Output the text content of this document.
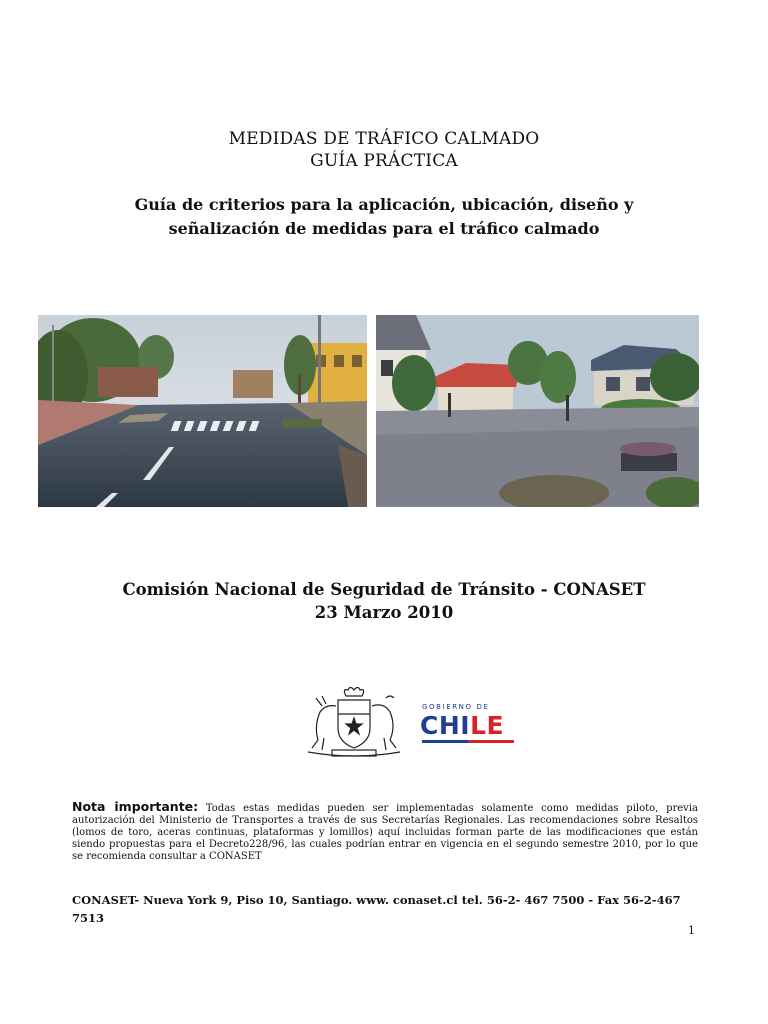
MEDIDAS DE TRÁFICO CALMADO
GUÍA PRÁCTICA
Guía de criterios para la aplicación, ubicación, diseño y
señalización de medidas para el tráfico calmado
Comisión Nacional de Seguridad de Tránsito - CONASET
23 Marzo 2010
GOBIERNO DE
CHILE
Nota importante: Todas estas medidas pueden ser implementadas solamente como medidas piloto, previa autorización del Ministerio de Transportes a través de sus Secretarías Regionales. Las recomendaciones sobre Resaltos (lomos de toro, aceras continuas, plataformas y lomillos) aquí incluidas forman parte de las modificaciones que están siendo propuestas para el Decreto228/96, las cuales podrían entrar en vigencia en el segundo semestre 2010, por lo que se recomienda consultar a CONASET
CONASET- Nueva York 9, Piso 10, Santiago. www. conaset.cl tel. 56-2- 467 7500 - Fax 56-2-467 7513
1
